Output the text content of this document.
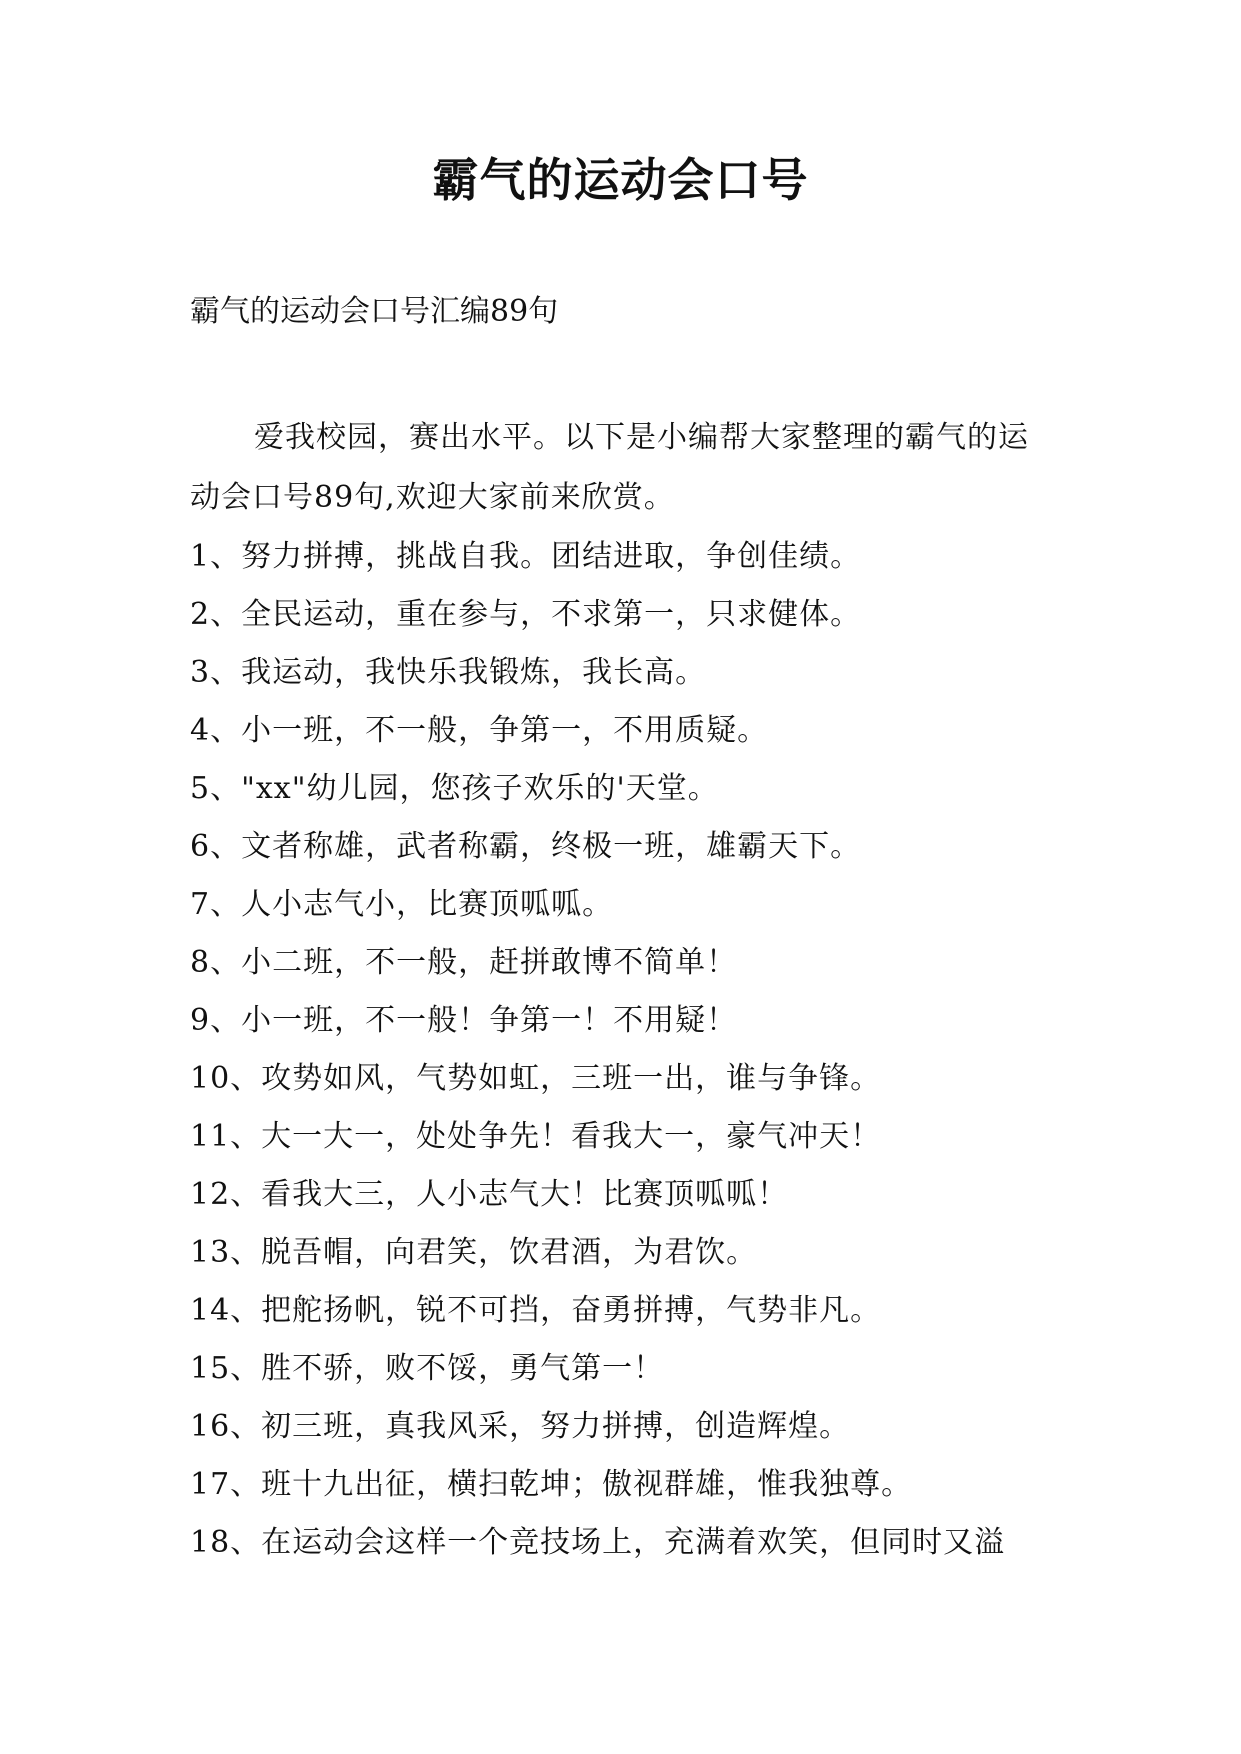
霸气的运动会口号
霸气的运动会口号汇编89句

爱我校园，赛出水平。以下是小编帮大家整理的霸气的运动会口号89句,欢迎大家前来欣赏。

1、努力拼搏，挑战自我。团结进取，争创佳绩。
2、全民运动，重在参与，不求第一，只求健体。
3、我运动，我快乐我锻炼，我长高。
4、小一班，不一般，争第一，不用质疑。
5、"xx"幼儿园，您孩子欢乐的'天堂。
6、文者称雄，武者称霸，终极一班，雄霸天下。
7、人小志气小，比赛顶呱呱。
8、小二班，不一般，赶拼敢博不简单！
9、小一班，不一般！争第一！不用疑！
10、攻势如风，气势如虹，三班一出，谁与争锋。
11、大一大一，处处争先！看我大一，豪气冲天！
12、看我大三，人小志气大！比赛顶呱呱！
13、脱吾帽，向君笑，饮君酒，为君饮。
14、把舵扬帆，锐不可挡，奋勇拼搏，气势非凡。
15、胜不骄，败不馁，勇气第一！
16、初三班，真我风采，努力拼搏，创造辉煌。
17、班十九出征，横扫乾坤；傲视群雄，惟我独尊。
18、在运动会这样一个竞技场上，充满着欢笑，但同时又溢
